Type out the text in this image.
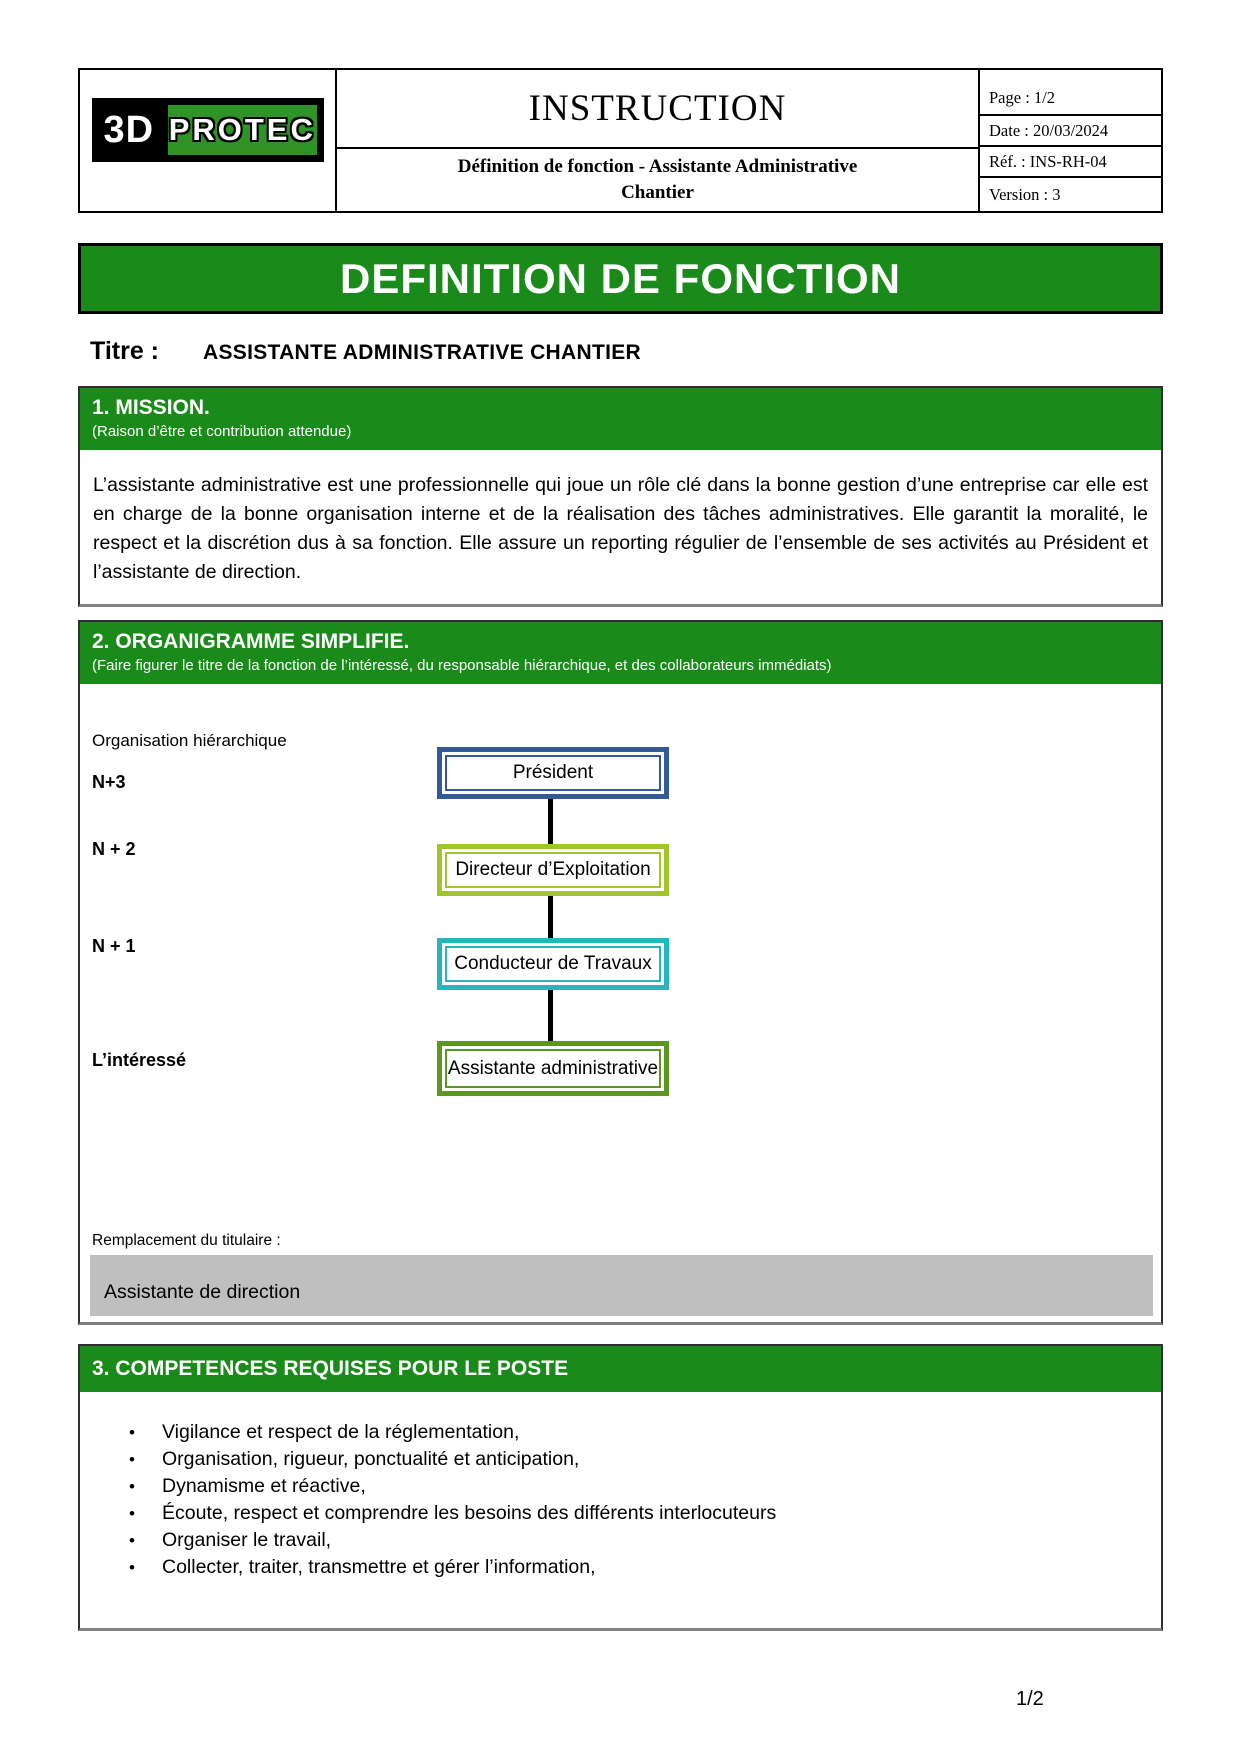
3D PROTEC
INSTRUCTION
Définition de fonction - Assistante Administrative
Chantier
Page : 1/2
Date : 20/03/2024
Réf. : INS-RH-04
Version : 3
DEFINITION DE FONCTION
Titre : ASSISTANTE ADMINISTRATIVE CHANTIER
1. MISSION.
(Raison d’être et contribution attendue)
L’assistante administrative est une professionnelle qui joue un rôle clé dans la bonne gestion d’une entreprise car elle est en charge de la bonne organisation interne et de la réalisation des tâches administratives. Elle garantit la moralité, le respect et la discrétion dus à sa fonction. Elle assure un reporting régulier de l’ensemble de ses activités au Président et l’assistante de direction.
2. ORGANIGRAMME SIMPLIFIE.
(Faire figurer le titre de la fonction de l’intéressé, du responsable hiérarchique, et des collaborateurs immédiats)
Organisation hiérarchique
N+3
N + 2
N + 1
L’intéressé
Président
Directeur d’Exploitation
Conducteur de Travaux
Assistante administrative
Remplacement du titulaire :
Assistante de direction
3. COMPETENCES REQUISES POUR LE POSTE
•	Vigilance et respect de la réglementation,
•	Organisation, rigueur, ponctualité et anticipation,
•	Dynamisme et réactive,
•	Écoute, respect et comprendre les besoins des différents interlocuteurs
•	Organiser le travail,
•	Collecter, traiter, transmettre et gérer l’information,
1/2
